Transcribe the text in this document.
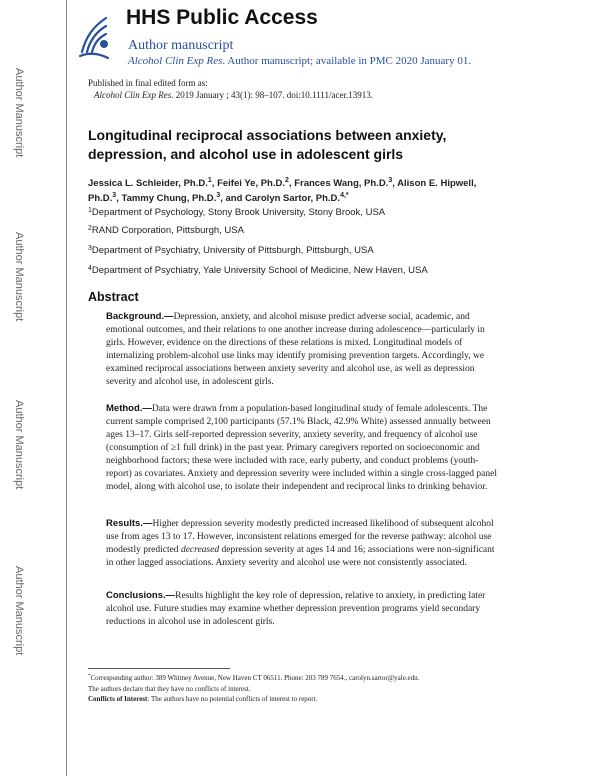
Author Manuscript
Author Manuscript
Author Manuscript
Author Manuscript
HHS Public Access
Author manuscript
Alcohol Clin Exp Res. Author manuscript; available in PMC 2020 January 01.
Published in final edited form as:
Alcohol Clin Exp Res. 2019 January ; 43(1): 98–107. doi:10.1111/acer.13913.
Longitudinal reciprocal associations between anxiety, depression, and alcohol use in adolescent girls
Jessica L. Schleider, Ph.D.$^1$, Feifei Ye, Ph.D.$^2$, Frances Wang, Ph.D.$^3$, Alison E. Hipwell, Ph.D.$^3$, Tammy Chung, Ph.D.$^3$, and Carolyn Sartor, Ph.D.$^{4,*}$
$^1$Department of Psychology, Stony Brook University, Stony Brook, USA
$^2$RAND Corporation, Pittsburgh, USA
$^3$Department of Psychiatry, University of Pittsburgh, Pittsburgh, USA
$^4$Department of Psychiatry, Yale University School of Medicine, New Haven, USA
Abstract
Background.—Depression, anxiety, and alcohol misuse predict adverse social, academic, and emotional outcomes, and their relations to one another increase during adolescence—particularly in girls. However, evidence on the directions of these relations is mixed. Longitudinal models of internalizing problem-alcohol use links may identify promising prevention targets. Accordingly, we examined reciprocal associations between anxiety severity and alcohol use, as well as depression severity and alcohol use, in adolescent girls.
Method.—Data were drawn from a population-based longitudinal study of female adolescents. The current sample comprised 2,100 participants (57.1% Black, 42.9% White) assessed annually between ages 13–17. Girls self-reported depression severity, anxiety severity, and frequency of alcohol use (consumption of ≥1 full drink) in the past year. Primary caregivers reported on socioeconomic and neighborhood factors; these were included with race, early puberty, and conduct problems (youth-report) as covariates. Anxiety and depression severity were included within a single cross-lagged panel model, along with alcohol use, to isolate their independent and reciprocal links to drinking behavior.
Results.—Higher depression severity modestly predicted increased likelihood of subsequent alcohol use from ages 13 to 17. However, inconsistent relations emerged for the reverse pathway: alcohol use modestly predicted decreased depression severity at ages 14 and 16; associations were non-significant in other lagged associations. Anxiety severity and alcohol use were not consistently associated.
Conclusions.—Results highlight the key role of depression, relative to anxiety, in predicting later alcohol use. Future studies may examine whether depression prevention programs yield secondary reductions in alcohol use in adolescent girls.
*Corresponding author: 389 Whitney Avenue, New Haven CT 06511. Phone: 203 789 7654., carolyn.sartor@yale.edu.
The authors declare that they have no conflicts of interest.
Conflicts of Interest: The authors have no potential conflicts of interest to report.
